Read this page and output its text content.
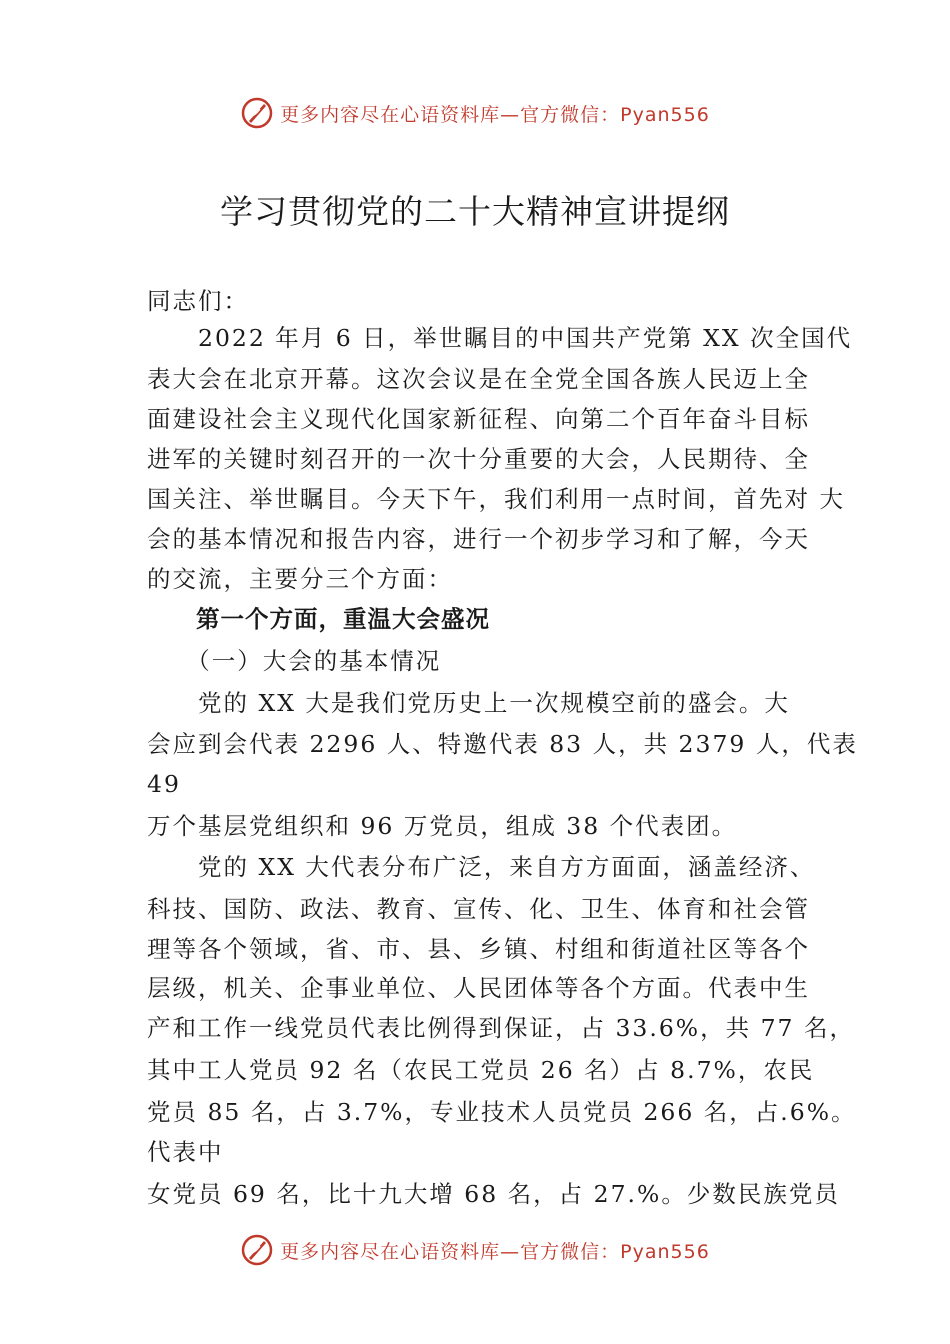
更多内容尽在心语资料库—官方微信：Pyan556
学习贯彻党的二十大精神宣讲提纲
同志们：
　　2022 年月 6 日，举世瞩目的中国共产党第 XX 次全国代
表大会在北京开幕。这次会议是在全党全国各族人民迈上全
面建设社会主义现代化国家新征程、向第二个百年奋斗目标
进军的关键时刻召开的一次十分重要的大会，人民期待、全
国关注、举世瞩目。今天下午，我们利用一点时间，首先对 大
会的基本情况和报告内容，进行一个初步学习和了解，今天
的交流，主要分三个方面：
　　第一个方面，重温大会盛况
　　（一）大会的基本情况
　　党的 XX 大是我们党历史上一次规模空前的盛会。大
会应到会代表 2296 人、特邀代表 83 人，共 2379 人，代表
49
万个基层党组织和 96 万党员，组成 38 个代表团。
　　党的 XX 大代表分布广泛，来自方方面面，涵盖经济、
科技、国防、政法、教育、宣传、化、卫生、体育和社会管
理等各个领域，省、市、县、乡镇、村组和街道社区等各个
层级，机关、企事业单位、人民团体等各个方面。代表中生
产和工作一线党员代表比例得到保证，占 33.6%，共 77 名，
其中工人党员 92 名（农民工党员 26 名）占 8.7%，农民
党员 85 名，占 3.7%，专业技术人员党员 266 名，占.6%。
代表中
女党员 69 名，比十九大增 68 名，占 27.%。少数民族党员
更多内容尽在心语资料库—官方微信：Pyan556
